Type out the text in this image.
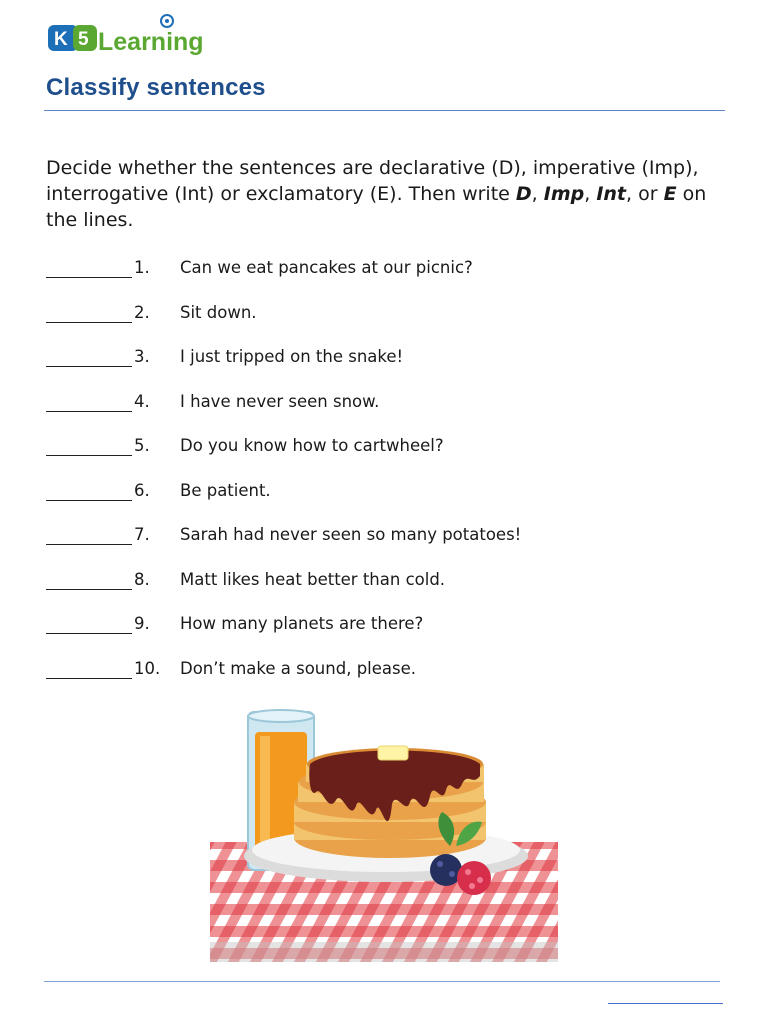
K 5 Learning
Classify sentences

Decide whether the sentences are declarative (D), imperative (Imp), interrogative (Int) or exclamatory (E). Then write D, Imp, Int, or E on the lines.

1. Can we eat pancakes at our picnic?
2. Sit down.
3. I just tripped on the snake!
4. I have never seen snow.
5. Do you know how to cartwheel?
6. Be patient.
7. Sarah had never seen so many potatoes!
8. Matt likes heat better than cold.
9. How many planets are there?
10. Don’t make a sound, please.
